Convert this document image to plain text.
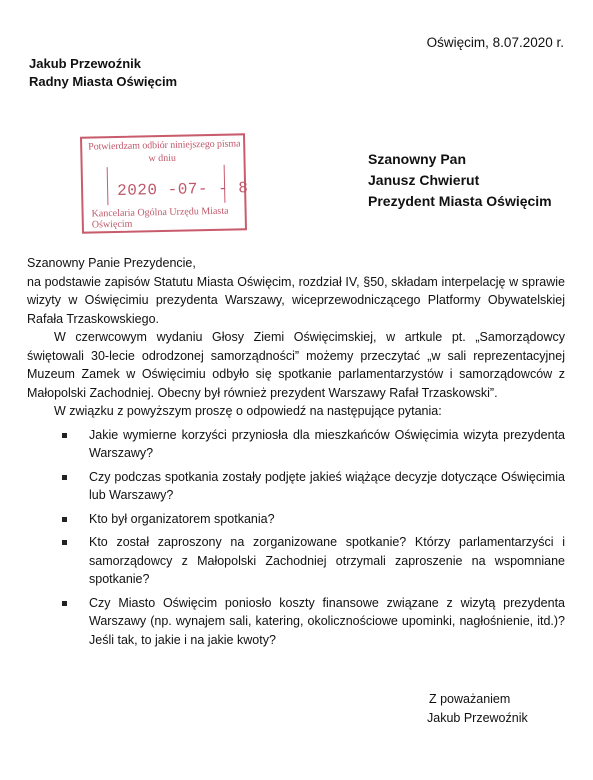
Oświęcim, 8.07.2020 r.
Jakub Przewoźnik
Radny Miasta Oświęcim
Potwierdzam odbiór niniejszego pisma
w dniu
2020 -07- - 8
Kancelaria Ogólna Urzędu Miasta
Oświęcim
Szanowny Pan
Janusz Chwierut
Prezydent Miasta Oświęcim

Szanowny Panie Prezydencie,

na podstawie zapisów Statutu Miasta Oświęcim, rozdział IV, §50, składam interpelację w sprawie wizyty w Oświęcimiu prezydenta Warszawy, wiceprzewodniczącego Platformy Obywatelskiej Rafała Trzaskowskiego.

W czerwcowym wydaniu Głosy Ziemi Oświęcimskiej, w artkule pt. „Samorządowcy świętowali 30-lecie odrodzonej samorządności” możemy przeczytać „w sali reprezentacyjnej Muzeum Zamek w Oświęcimiu odbyło się spotkanie parlamentarzystów i samorządowców z Małopolski Zachodniej. Obecny był również prezydent Warszawy Rafał Trzaskowski”.

W związku z powyższym proszę o odpowiedź na następujące pytania:

Jakie wymierne korzyści przyniosła dla mieszkańców Oświęcimia wizyta prezydenta Warszawy?
Czy podczas spotkania zostały podjęte jakieś wiążące decyzje dotyczące Oświęcimia lub Warszawy?
Kto był organizatorem spotkania?
Kto został zaproszony na zorganizowane spotkanie? Którzy parlamentarzyści i samorządowcy z Małopolski Zachodniej otrzymali zaproszenie na wspomniane spotkanie?
Czy Miasto Oświęcim poniosło koszty finansowe związane z wizytą prezydenta Warszawy (np. wynajem sali, katering, okolicznościowe upominki, nagłośnienie, itd.)? Jeśli tak, to jakie i na jakie kwoty?
Z poważaniem
Jakub Przewoźnik
